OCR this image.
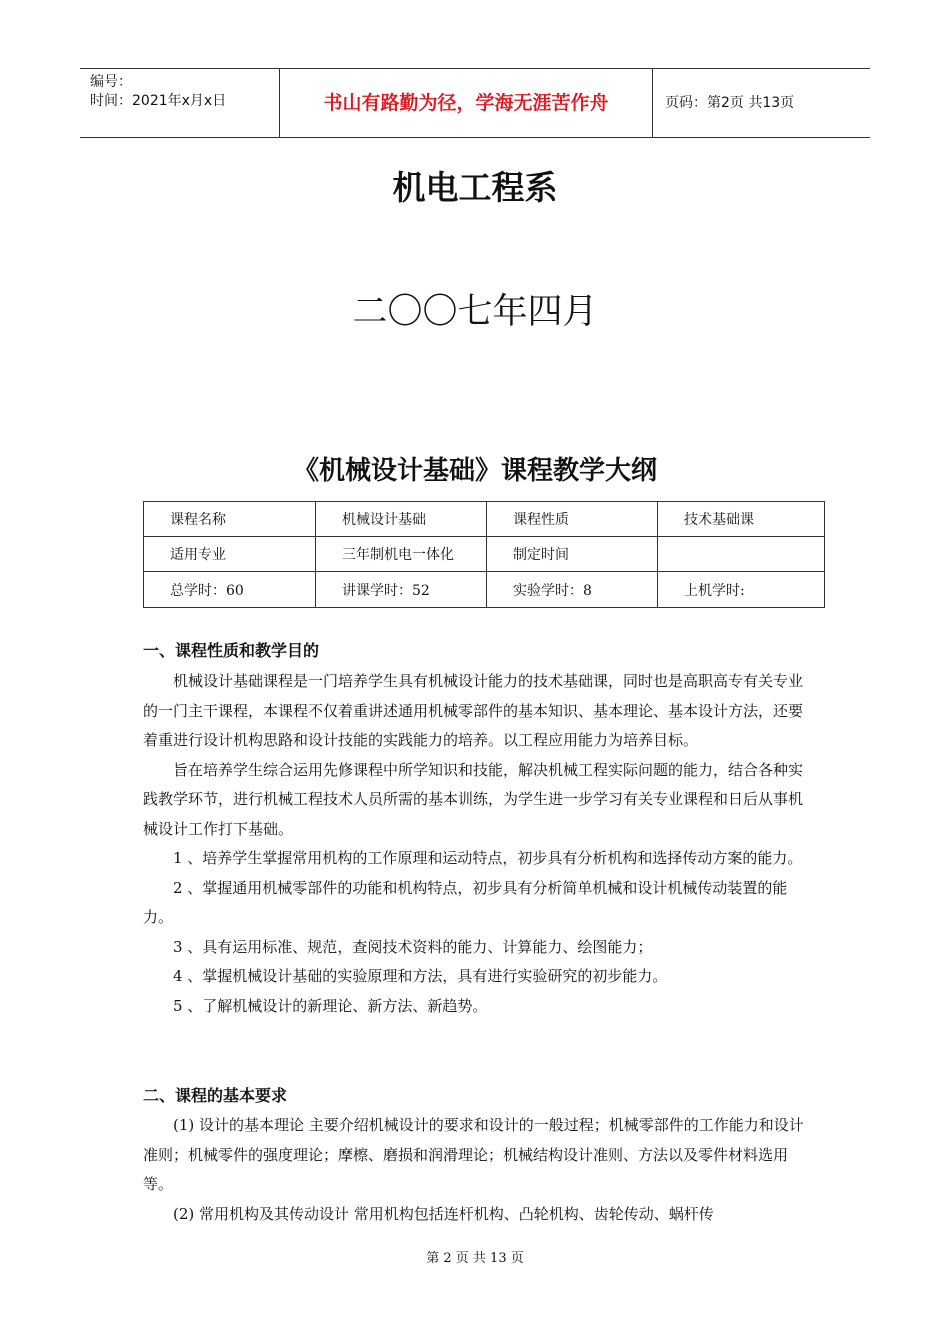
编号：
时间：2021年x月x日	书山有路勤为径，学海无涯苦作舟	页码：第2页 共13页
机电工程系
二〇〇七年四月
《机械设计基础》课程教学大纲
课程名称	机械设计基础	课程性质	技术基础课
适用专业	三年制机电一体化	制定时间	
总学时：60	讲课学时：52	实验学时：8	上机学时:
一、课程性质和教学目的

机械设计基础课程是一门培养学生具有机械设计能力的技术基础课，同时也是高职高专有关专业的一门主干课程，本课程不仅着重讲述通用机械零部件的基本知识、基本理论、基本设计方法，还要着重进行设计机构思路和设计技能的实践能力的培养。以工程应用能力为培养目标。

旨在培养学生综合运用先修课程中所学知识和技能，解决机械工程实际问题的能力，结合各种实践教学环节，进行机械工程技术人员所需的基本训练，为学生进一步学习有关专业课程和日后从事机械设计工作打下基础。

1 、培养学生掌握常用机构的工作原理和运动特点，初步具有分析机构和选择传动方案的能力。

2 、掌握通用机械零部件的功能和机构特点，初步具有分析简单机械和设计机械传动装置的能力。

3 、具有运用标准、规范，查阅技术资料的能力、计算能力、绘图能力；

4 、掌握机械设计基础的实验原理和方法，具有进行实验研究的初步能力。

5 、了解机械设计的新理论、新方法、新趋势。

二、课程的基本要求

(1) 设计的基本理论 主要介绍机械设计的要求和设计的一般过程；机械零部件的工作能力和设计准则；机械零件的强度理论；摩檫、磨损和润滑理论；机械结构设计准则、方法以及零件材料选用等。

(2) 常用机构及其传动设计 常用机构包括连杆机构、凸轮机构、齿轮传动、蜗杆传

第 2 页 共 13 页
